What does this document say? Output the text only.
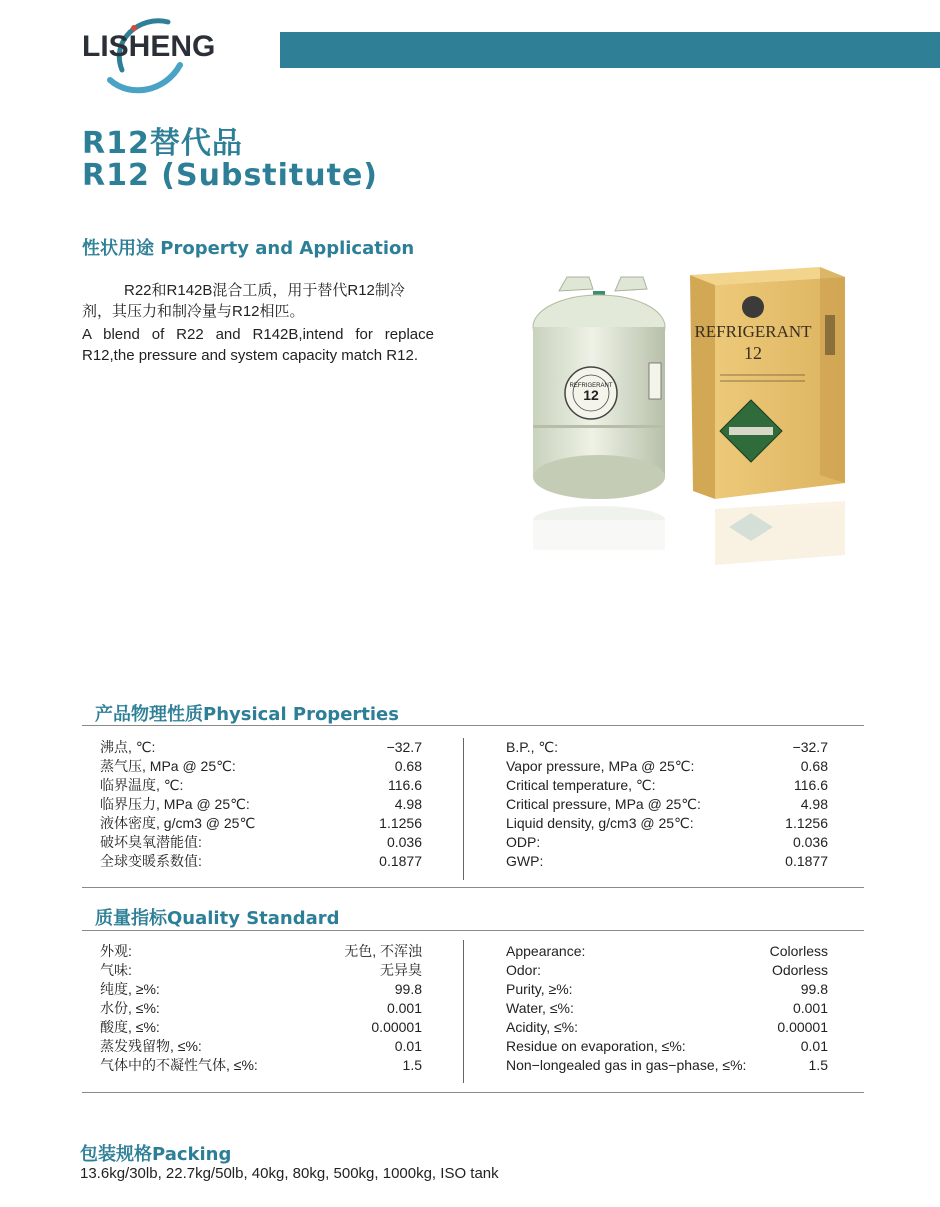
LISHENG
R12替代品
R12 (Substitute)
性状用途 Property and Application
R22和R142B混合工质，用于替代R12制冷剂，其压力和制冷量与R12相匹。
A blend of R22 and R142B,intend for replace R12,the pressure and system capacity match R12.
REFRIGERANT
12
REFRIGERANT
12
产品物理性质Physical Properties
沸点, ℃:	−32.7
蒸气压, MPa @ 25℃:	0.68
临界温度, ℃:	116.6
临界压力, MPa @ 25℃:	4.98
液体密度, g/cm3 @ 25℃	1.1256
破坏臭氧潜能值:	0.036
全球变暖系数值:	0.1877
B.P., ℃:	−32.7
Vapor pressure, MPa @ 25℃:	0.68
Critical temperature, ℃:	116.6
Critical pressure, MPa @ 25℃:	4.98
Liquid density, g/cm3 @ 25℃:	1.1256
ODP:	0.036
GWP:	0.1877
质量指标Quality Standard
外观:	无色, 不浑浊
气味:	无异臭
纯度, ≥%:	99.8
水份, ≤%:	0.001
酸度, ≤%:	0.00001
蒸发残留物, ≤%:	0.01
气体中的不凝性气体, ≤%:	1.5
Appearance:	Colorless
Odor:	Odorless
Purity, ≥%:	99.8
Water, ≤%:	0.001
Acidity, ≤%:	0.00001
Residue on evaporation, ≤%:	0.01
Non−longealed gas in gas−phase, ≤%:	1.5
包装规格Packing
13.6kg/30lb, 22.7kg/50lb, 40kg, 80kg, 500kg, 1000kg, ISO tank
